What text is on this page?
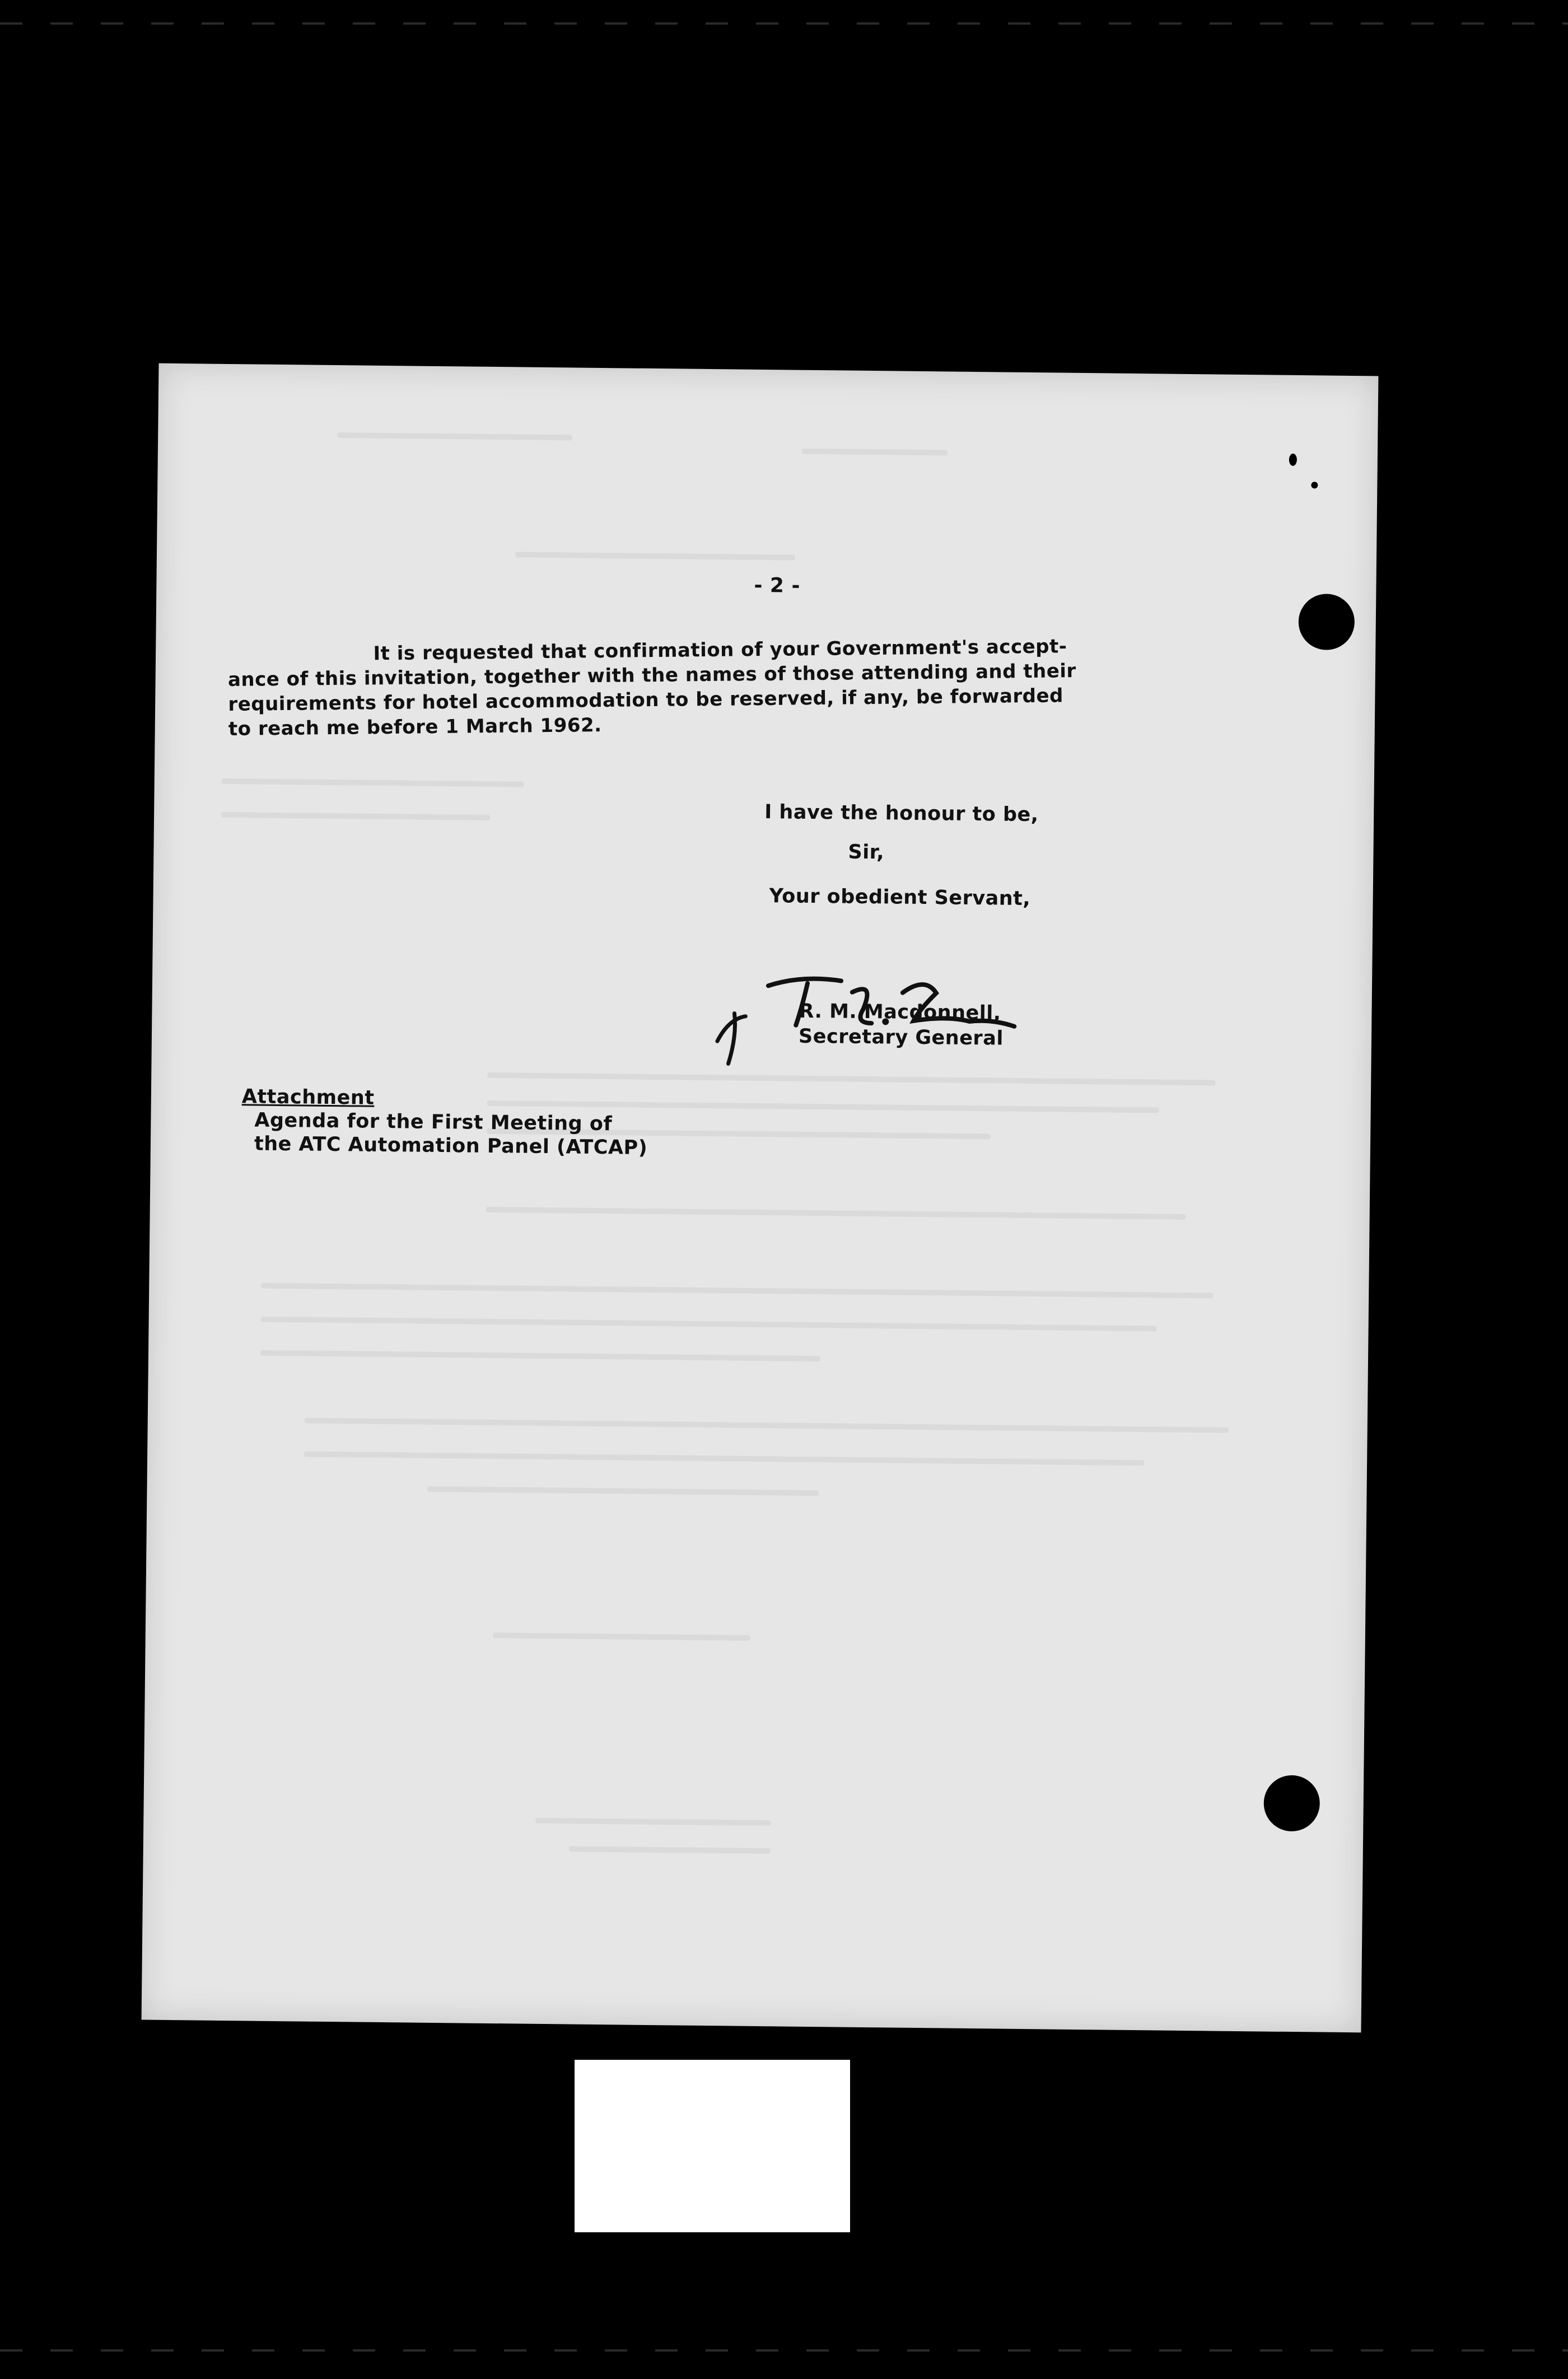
- 2 -
It is requested that confirmation of your Government's accept-
ance of this invitation, together with the names of those attending and their
requirements for hotel accommodation to be reserved, if any, be forwarded
to reach me before 1 March 1962.
I have the honour to be,
Sir,
Your obedient Servant,
R. M. Macdonnell,
Secretary General
Attachment
Agenda for the First Meeting of
the ATC Automation Panel (ATCAP)
